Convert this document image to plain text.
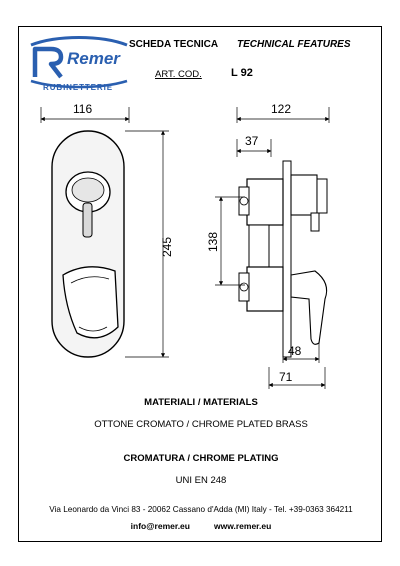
Remer
RUBINETTERIE
SCHEDA TECNICA TECHNICAL FEATURES
ART. COD.	L 92
116
245
122
37
138
48
71
MATERIALI / MATERIALS
OTTONE CROMATO / CHROME PLATED BRASS
CROMATURA / CHROME PLATING
UNI EN 248
Via Leonardo da Vinci 83 - 20062 Cassano d'Adda (MI) Italy - Tel. +39-0363 364211
info@remer.eu	www.remer.eu
